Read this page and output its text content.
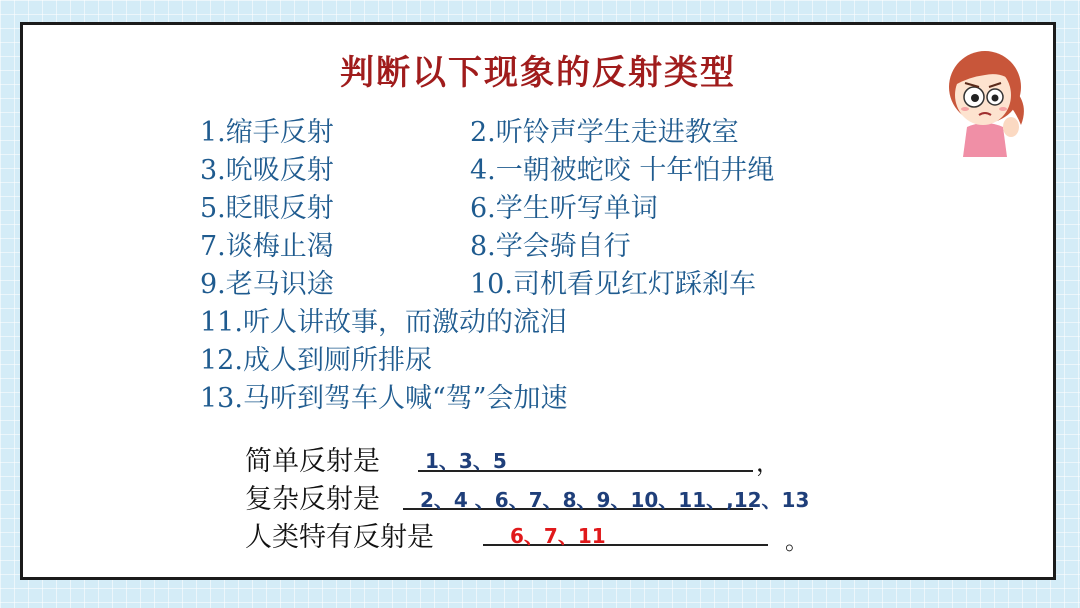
判断以下现象的反射类型
1.缩手反射
3.吮吸反射
5.眨眼反射
7.谈梅止渴
9.老马识途
2.听铃声学生走进教室
4.一朝被蛇咬 十年怕井绳
6.学生听写单词
8.学会骑自行
10.司机看见红灯踩刹车
11.听人讲故事，而激动的流泪
12.成人到厕所排尿
13.马听到驾车人喊“驾”会加速
简单反射是 1、3、5	，
复杂反射是 2、4 、6、7、8、9、10、11、,12、13
人类特有反射是	6、7、11	。
